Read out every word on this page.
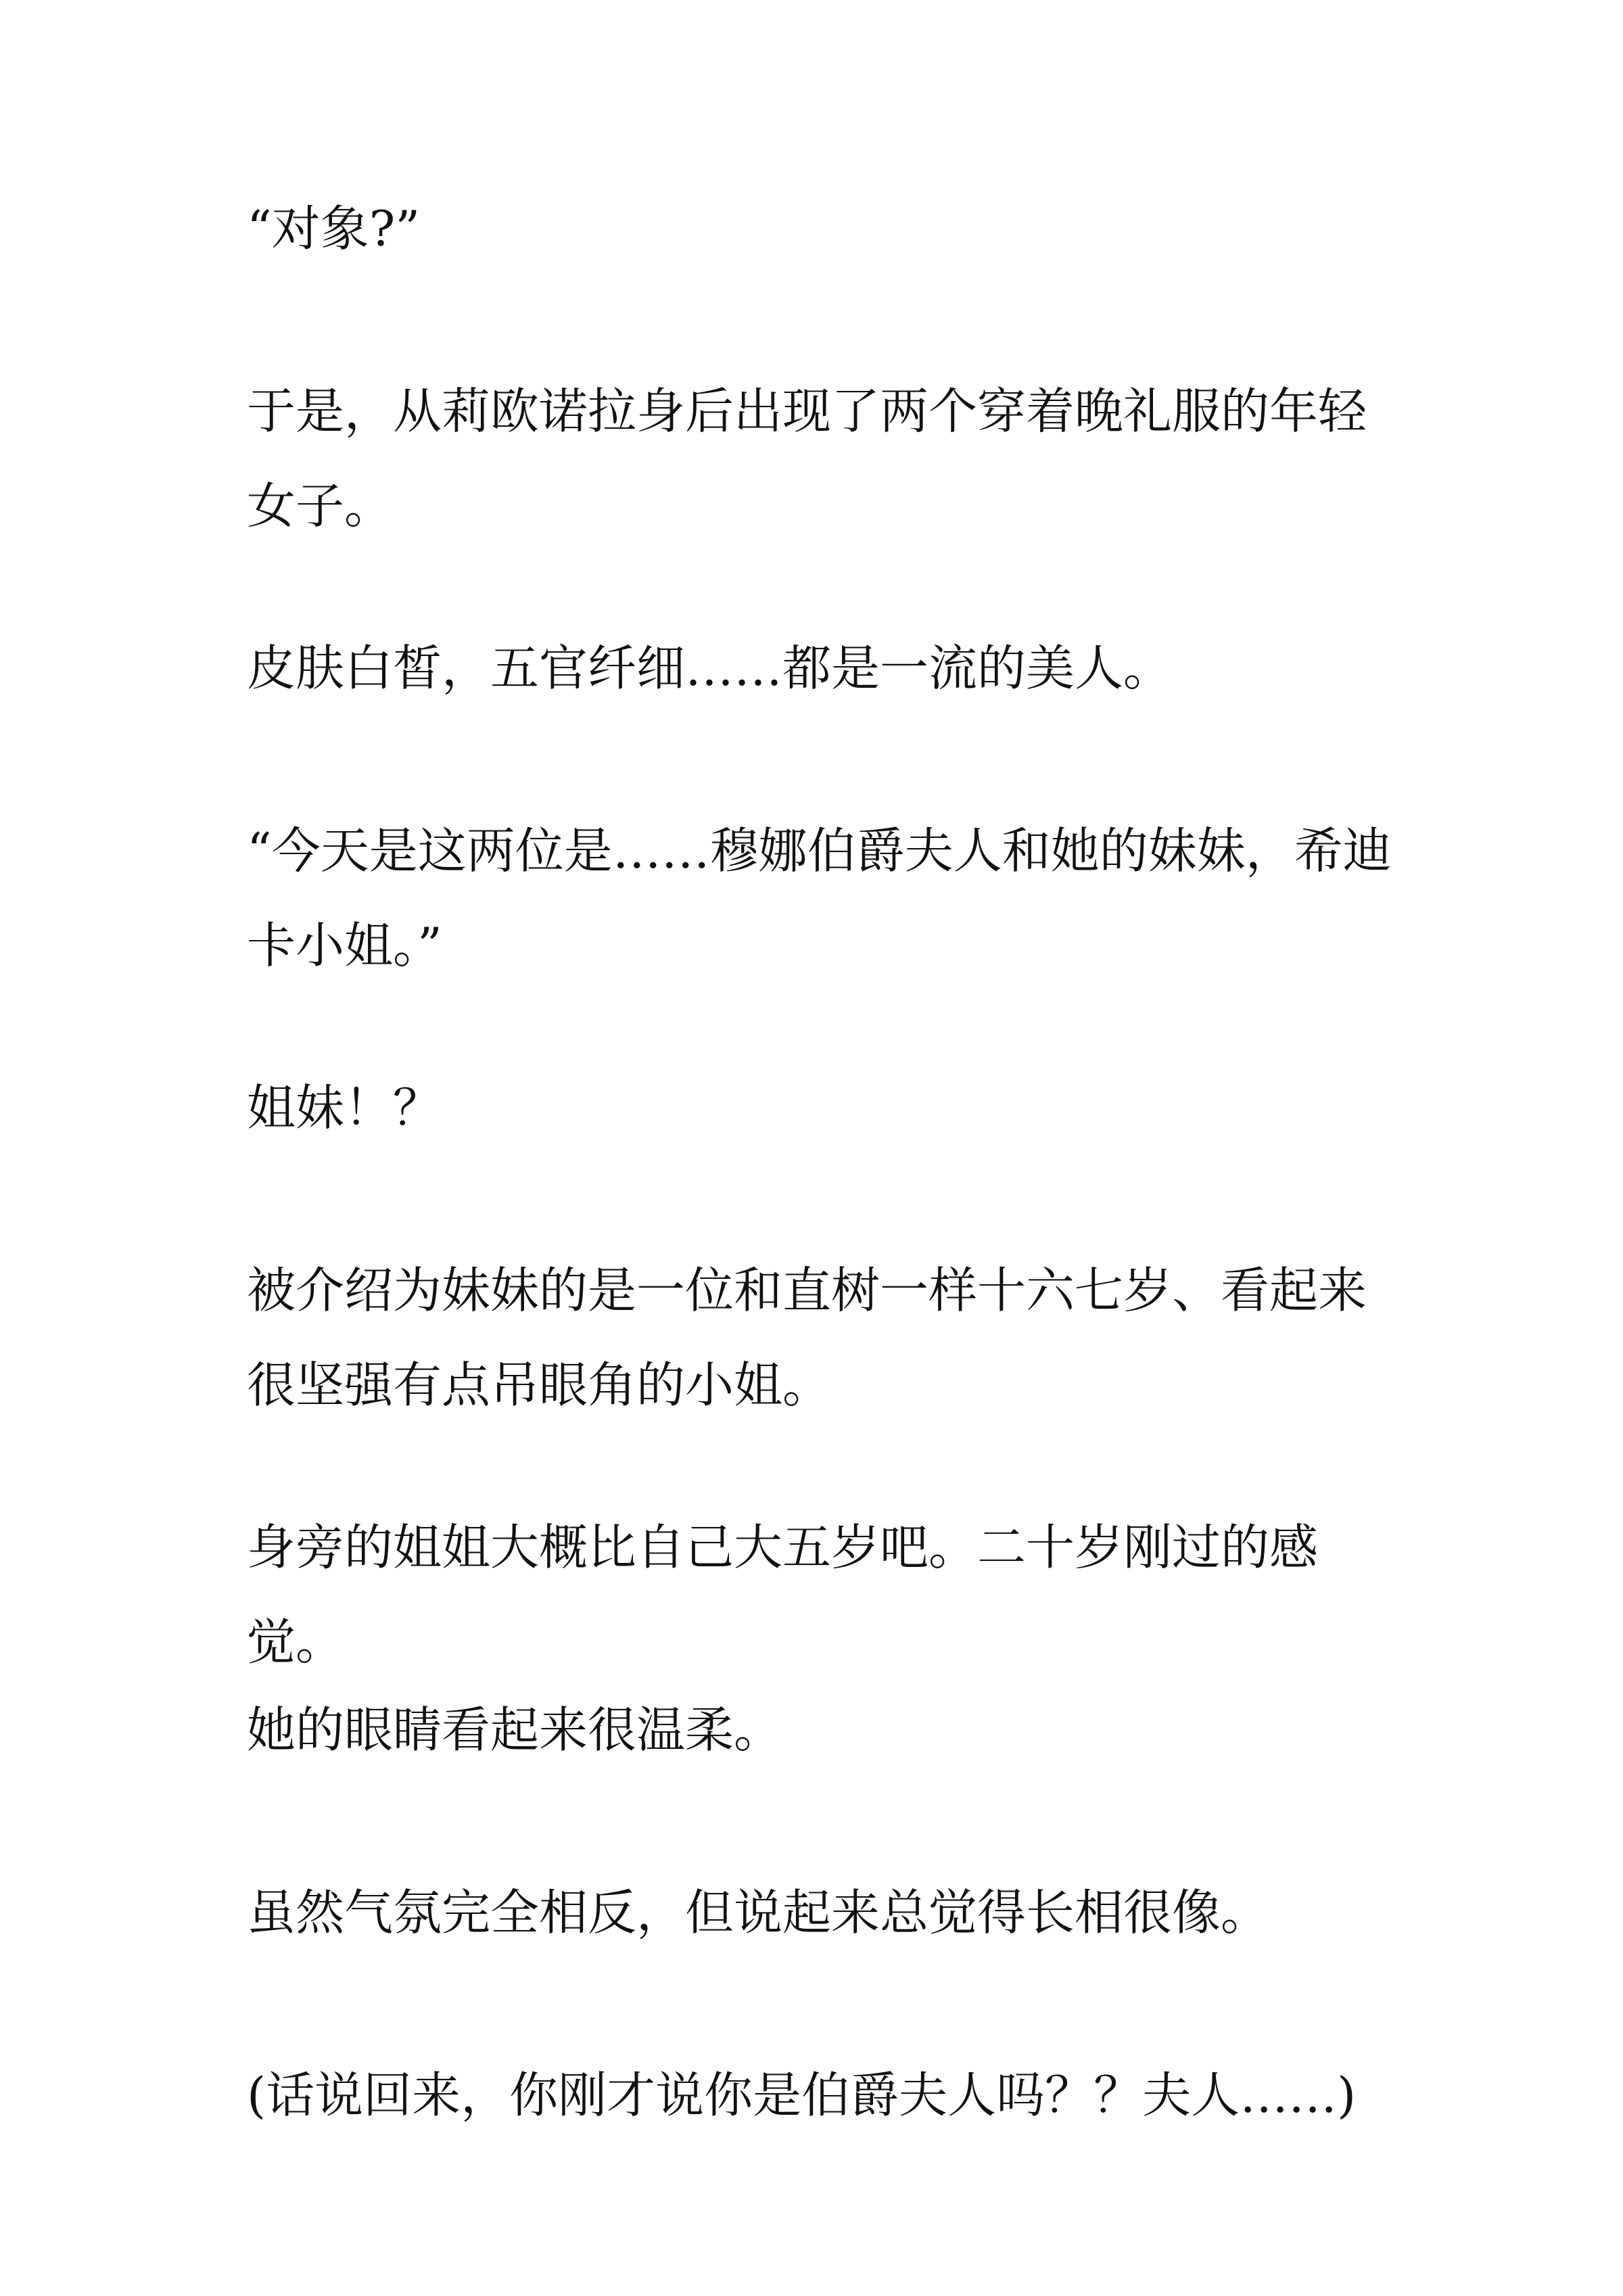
“对象?”

于是，从莉欧诺拉身后出现了两个穿着晚礼服的年轻
女子。

皮肤白皙，五官纤细……都是一流的美人。

“今天是这两位是……穆娜伯爵夫人和她的妹妹，希迪
卡小姐。”

姐妹！？

被介绍为妹妹的是一位和直树一样十六七岁、看起来
很坚强有点吊眼角的小姐。

身旁的姐姐大概比自己大五岁吧。二十岁刚过的感觉。

她的眼睛看起来很温柔。

虽然气氛完全相反，但说起来总觉得长相很像。

(话说回来，你刚才说你是伯爵夫人吗？？夫人……)
